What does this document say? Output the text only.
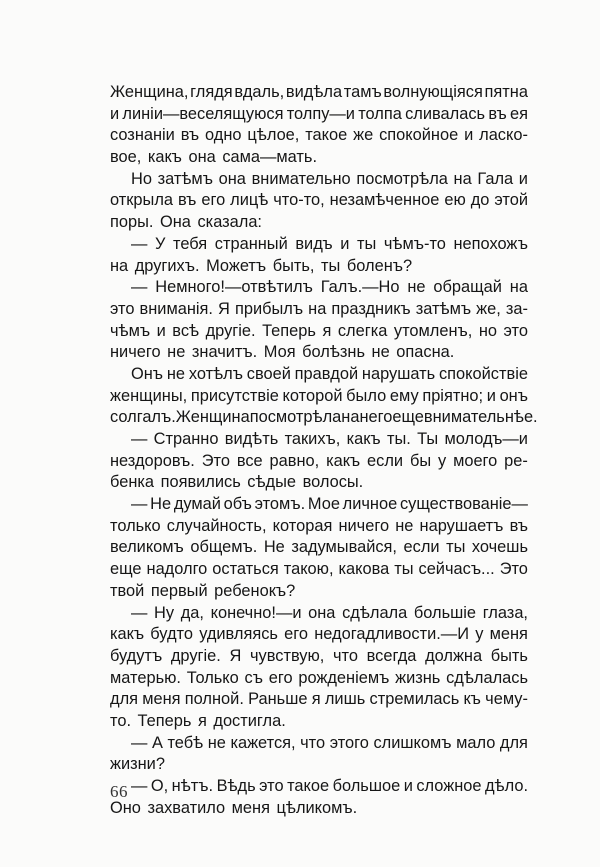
Женщина, глядя вдаль, видѣла тамъ волнующіяся пятна
и линіи—веселящуюся толпу—и толпа сливалась въ ея
сознаніи въ одно цѣлое, такое же спокойное и ласко-
вое, какъ она сама—мать.
Но затѣмъ она внимательно посмотрѣла на Гала и
открыла въ его лицѣ что-то, незамѣченное ею до этой
поры. Она сказала:
— У тебя странный видъ и ты чѣмъ-то непохожъ
на другихъ. Можетъ быть, ты боленъ?
— Немного!—отвѣтилъ Галъ.—Но не обращай на
это вниманія. Я прибылъ на праздникъ затѣмъ же, за-
чѣмъ и всѣ другіе. Теперь я слегка утомленъ, но это
ничего не значитъ. Моя болѣзнь не опасна.
Онъ не хотѣлъ своей правдой нарушать спокойствіе
женщины, присутствіе которой было ему пріятно; и онъ
солгалъ. Женщина посмотрѣла на него еще внимательнѣе.
— Странно видѣть такихъ, какъ ты. Ты молодъ—и
нездоровъ. Это все равно, какъ если бы у моего ре-
бенка появились сѣдые волосы.
— Не думай объ этомъ. Мое личное существованіе—
только случайность, которая ничего не нарушаетъ въ
великомъ общемъ. Не задумывайся, если ты хочешь
еще надолго остаться такою, какова ты сейчасъ... Это
твой первый ребенокъ?
— Ну да, конечно!—и она сдѣлала большіе глаза,
какъ будто удивляясь его недогадливости.—И у меня
будутъ другіе. Я чувствую, что всегда должна быть
матерью. Только съ его рожденіемъ жизнь сдѣлалась
для меня полной. Раньше я лишь стремилась къ чему-
то. Теперь я достигла.
— А тебѣ не кажется, что этого слишкомъ мало для
жизни?
— О, нѣтъ. Вѣдь это такое большое и сложное дѣло.
Оно захватило меня цѣликомъ.
66
